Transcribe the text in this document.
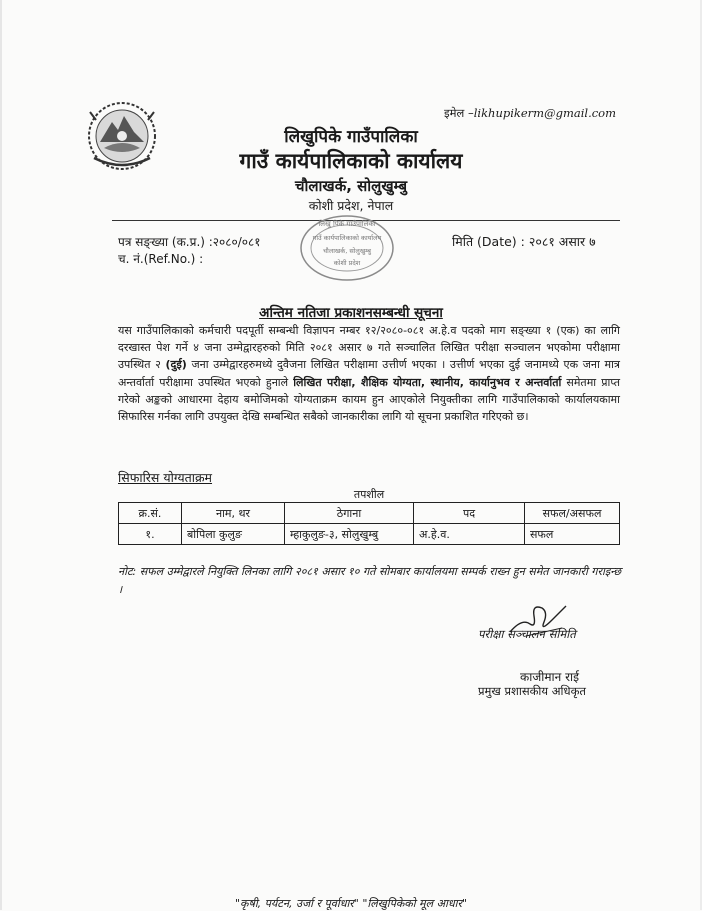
इमेल –likhupikerm@gmail.com
लिखुपिके गाउँपालिका
गाउँ कार्यपालिकाको कार्यालय
चौलाखर्क, सोलुखुम्बु
कोशी प्रदेश, नेपाल
लिखु पिके गाउँपालिका
गाउँ कार्यपालिकाको कार्यालय
चौलाखर्क, सोलुखुम्बु
कोशी प्रदेश
पत्र सङ्ख्या (क.प्र.) :२०८०/०८१
च. नं.(Ref.No.) :
मिति (Date) : २०८१ असार ७
अन्तिम नतिजा प्रकाशनसम्बन्धी सूचना
यस गाउँपालिकाको कर्मचारी पदपूर्ती सम्बन्धी विज्ञापन नम्बर १२/२०८०-०८१ अ.हे.व पदको माग सङ्ख्या १ (एक) का लागि दरखास्त पेश गर्ने ४ जना उम्मेद्वारहरुको मिति २०८१ असार ७ गते सञ्चालित लिखित परीक्षा सञ्चालन भएकोमा परीक्षामा उपस्थित २ (दुई) जना उम्मेद्वारहरुमध्ये दुवैजना लिखित परीक्षामा उत्तीर्ण भएका । उत्तीर्ण भएका दुई जनामध्ये एक जना मात्र अन्तर्वार्ता परीक्षामा उपस्थित भएको हुनाले लिखित परीक्षा, शैक्षिक योग्यता, स्थानीय, कार्यानुभव र अन्तर्वार्ता समेतमा प्राप्त गरेको अङ्कको आधारमा देहाय बमोजिमको योग्यताक्रम कायम हुन आएकोले नियुक्तीका लागि गाउँपालिकाको कार्यालयकामा सिफारिस गर्नका लागि उपयुक्त देखि सम्बन्धित सबैको जानकारीका लागि यो सूचना प्रकाशित गरिएको छ।
सिफारिस योग्यताक्रम
तपशील
क्र.सं.	नाम, थर	ठेगाना	पद	सफल/असफल
१.	बोपिला कुलुङ	म्हाकुलुङ-३, सोलुखुम्बु	अ.हे.व.	सफल
नोट: सफल उम्मेद्वारले नियुक्ति लिनका लागि २०८१ असार १० गते सोमबार कार्यालयमा सम्पर्क राख्न हुन समेत जानकारी गराइन्छ ।
परीक्षा सञ्चालन समिति
काजीमान राई
प्रमुख प्रशासकीय अधिकृत
"कृषी, पर्यटन, उर्जा र पूर्वाधार" "लिखुपिकेको मूल आधार"
